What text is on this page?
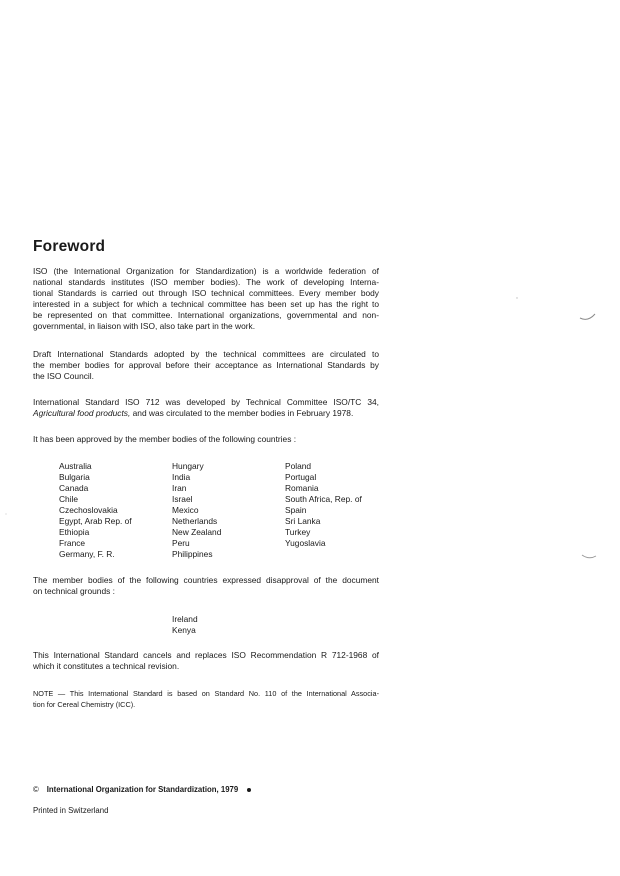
Foreword

ISO (the International Organization for Standardization) is a worldwide federation of
national standards institutes (ISO member bodies). The work of developing Interna-
tional Standards is carried out through ISO technical committees. Every member body
interested in a subject for which a technical committee has been set up has the right to
be represented on that committee. International organizations, governmental and non-
governmental, in liaison with ISO, also take part in the work.

Draft International Standards adopted by the technical committees are circulated to
the member bodies for approval before their acceptance as International Standards by
the ISO Council.

International Standard ISO 712 was developed by Technical Committee ISO/TC 34,
Agricultural food products, and was circulated to the member bodies in February 1978.

It has been approved by the member bodies of the following countries :

Australia
Bulgaria
Canada
Chile
Czechoslovakia
Egypt, Arab Rep. of
Ethiopia
France
Germany, F. R.
Hungary
India
Iran
Israel
Mexico
Netherlands
New Zealand
Peru
Philippines
Poland
Portugal
Romania
South Africa, Rep. of
Spain
Sri Lanka
Turkey
Yugoslavia

The member bodies of the following countries expressed disapproval of the document
on technical grounds :

Ireland
Kenya

This International Standard cancels and replaces ISO Recommendation R 712-1968 of
which it constitutes a technical revision.

NOTE — This International Standard is based on Standard No. 110 of the International Associa-
tion for Cereal Chemistry (ICC).

© International Organization for Standardization, 1979
Printed in Switzerland
